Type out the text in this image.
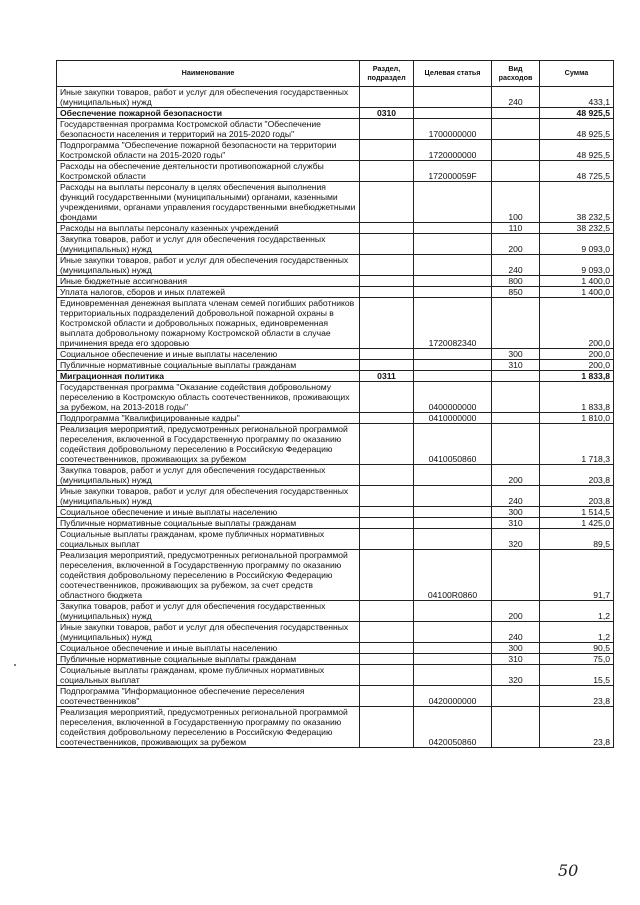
Наименование	Раздел, подраздел	Целевая статья	Вид расходов	Сумма
Иные закупки товаров, работ и услуг для обеспечения государственных (муниципальных) нужд			240	433,1
Обеспечение пожарной безопасности	0310			48 925,5
Государственная программа Костромской области "Обеспечение безопасности населения и территорий на 2015-2020 годы"		1700000000		48 925,5
Подпрограмма "Обеспечение пожарной безопасности на территории Костромской области на 2015-2020 годы"		1720000000		48 925,5
Расходы на обеспечение деятельности противопожарной службы Костромской области		172000059F		48 725,5
Расходы на выплаты персоналу в целях обеспечения выполнения функций государственными (муниципальными) органами, казенными учреждениями, органами управления государственными внебюджетными фондами			100	38 232,5
Расходы на выплаты персоналу казенных учреждений			110	38 232,5
Закупка товаров, работ и услуг для обеспечения государственных (муниципальных) нужд			200	9 093,0
Иные закупки товаров, работ и услуг для обеспечения государственных (муниципальных) нужд			240	9 093,0
Иные бюджетные ассигнования			800	1 400,0
Уплата налогов, сборов и иных платежей			850	1 400,0
Единовременная денежная выплата членам семей погибших работников территориальных подразделений добровольной пожарной охраны в Костромской области и добровольных пожарных, единовременная выплата добровольному пожарному Костромской области в случае причинения вреда его здоровью		1720082340		200,0
Социальное обеспечение и иные выплаты населению			300	200,0
Публичные нормативные социальные выплаты гражданам			310	200,0
Миграционная политика	0311			1 833,8
Государственная программа "Оказание содействия добровольному переселению в Костромскую область соотечественников, проживающих за рубежом, на 2013-2018 годы"		0400000000		1 833,8
Подпрограмма "Квалифицированные кадры"		0410000000		1 810,0
Реализация мероприятий, предусмотренных региональной программой переселения, включенной в Государственную программу по оказанию содействия добровольному переселению в Российскую Федерацию соотечественников, проживающих за рубежом		0410050860		1 718,3
Закупка товаров, работ и услуг для обеспечения государственных (муниципальных) нужд			200	203,8
Иные закупки товаров, работ и услуг для обеспечения государственных (муниципальных) нужд			240	203,8
Социальное обеспечение и иные выплаты населению			300	1 514,5
Публичные нормативные социальные выплаты гражданам			310	1 425,0
Социальные выплаты гражданам, кроме публичных нормативных социальных выплат			320	89,5
Реализация мероприятий, предусмотренных региональной программой переселения, включенной в Государственную программу по оказанию содействия добровольному переселению в Российскую Федерацию соотечественников, проживающих за рубежом, за счет средств областного бюджета		04100R0860		91,7
Закупка товаров, работ и услуг для обеспечения государственных (муниципальных) нужд			200	1,2
Иные закупки товаров, работ и услуг для обеспечения государственных (муниципальных) нужд			240	1,2
Социальное обеспечение и иные выплаты населению			300	90,5
Публичные нормативные социальные выплаты гражданам			310	75,0
Социальные выплаты гражданам, кроме публичных нормативных социальных выплат			320	15,5
Подпрограмма "Информационное обеспечение переселения соотечественников"		0420000000		23,8
Реализация мероприятий, предусмотренных региональной программой переселения, включенной в Государственную программу по оказанию содействия добровольному переселению в Российскую Федерацию соотечественников, проживающих за рубежом		0420050860		23,8
50
